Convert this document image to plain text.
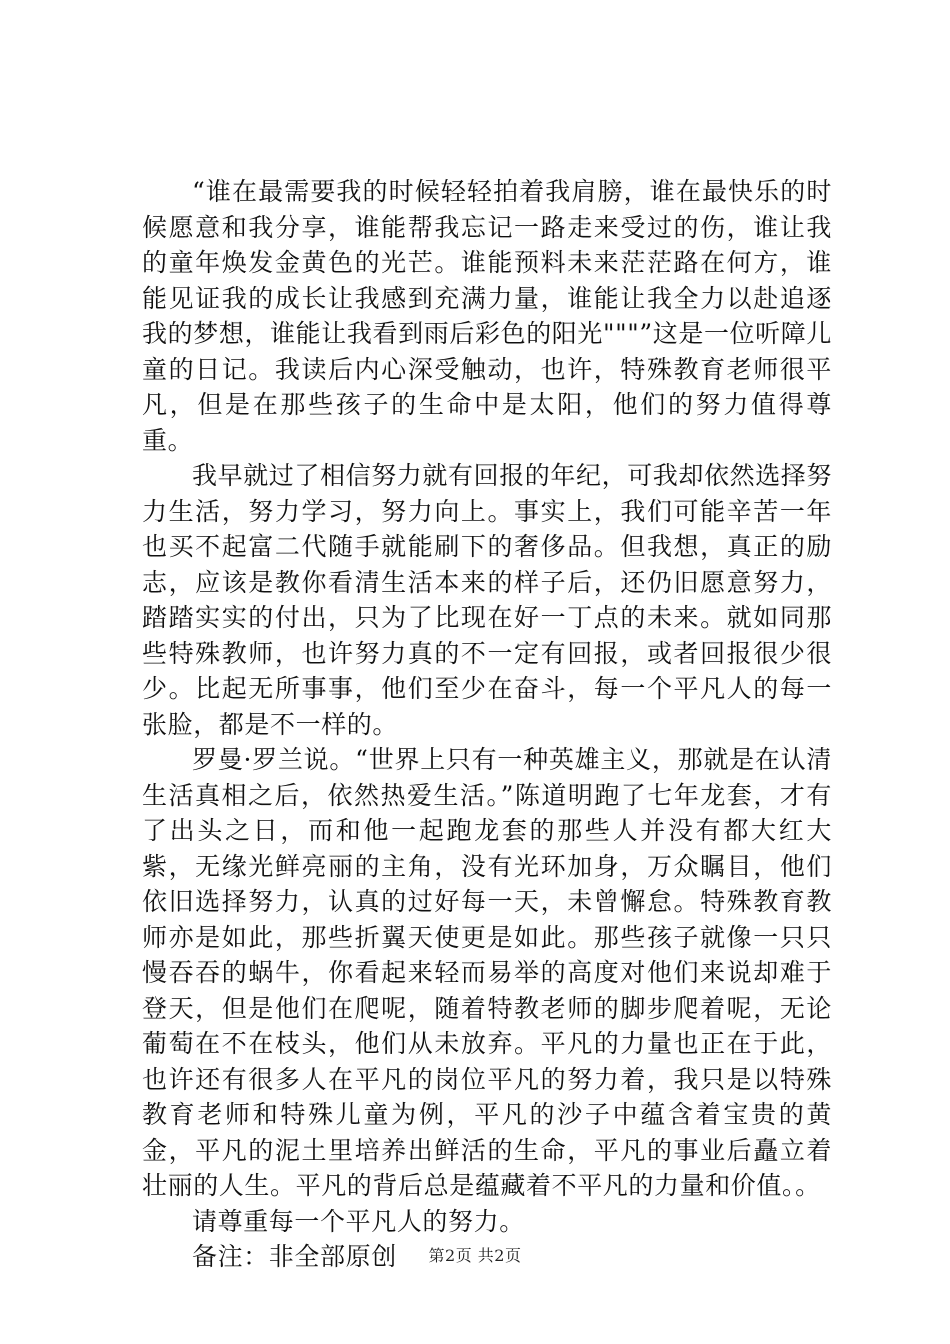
“谁在最需要我的时候轻轻拍着我肩膀，谁在最快乐的时候愿意和我分享，谁能帮我忘记一路走来受过的伤，谁让我的童年焕发金黄色的光芒。谁能预料未来茫茫路在何方，谁能见证我的成长让我感到充满力量，谁能让我全力以赴追逐我的梦想，谁能让我看到雨后彩色的阳光"""”这是一位听障儿童的日记。我读后内心深受触动，也许，特殊教育老师很平凡，但是在那些孩子的生命中是太阳，他们的努力值得尊重。

我早就过了相信努力就有回报的年纪，可我却依然选择努力生活，努力学习，努力向上。事实上，我们可能辛苦一年也买不起富二代随手就能刷下的奢侈品。但我想，真正的励志，应该是教你看清生活本来的样子后，还仍旧愿意努力，踏踏实实的付出，只为了比现在好一丁点的未来。就如同那些特殊教师，也许努力真的不一定有回报，或者回报很少很少。比起无所事事，他们至少在奋斗，每一个平凡人的每一张脸，都是不一样的。

罗曼·罗兰说。“世界上只有一种英雄主义，那就是在认清生活真相之后，依然热爱生活。”陈道明跑了七年龙套，才有了出头之日，而和他一起跑龙套的那些人并没有都大红大紫，无缘光鲜亮丽的主角，没有光环加身，万众瞩目，他们依旧选择努力，认真的过好每一天，未曾懈怠。特殊教育教师亦是如此，那些折翼天使更是如此。那些孩子就像一只只慢吞吞的蜗牛，你看起来轻而易举的高度对他们来说却难于登天，但是他们在爬呢，随着特教老师的脚步爬着呢，无论葡萄在不在枝头，他们从未放弃。平凡的力量也正在于此，也许还有很多人在平凡的岗位平凡的努力着，我只是以特殊教育老师和特殊儿童为例，平凡的沙子中蕴含着宝贵的黄金，平凡的泥土里培养出鲜活的生命，平凡的事业后矗立着壮丽的人生。平凡的背后总是蕴藏着不平凡的力量和价值。。

请尊重每一个平凡人的努力。

备注：非全部原创	第2页 共2页
